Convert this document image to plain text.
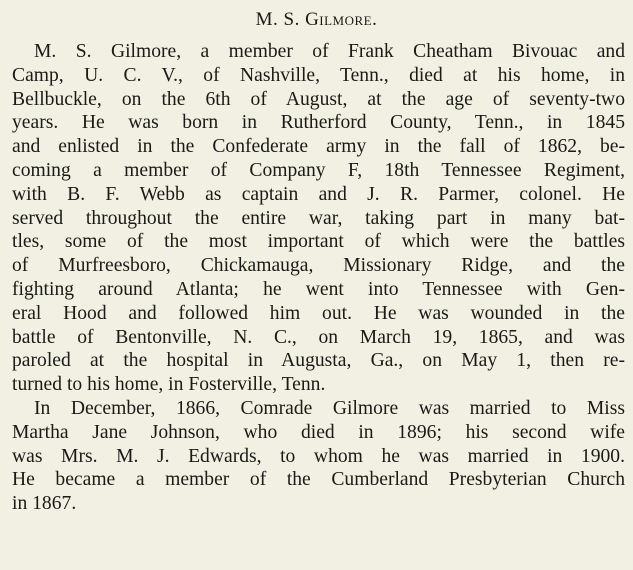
M. S. Gilmore.
M. S. Gilmore, a member of Frank Cheatham Bivouac and
Camp, U. C. V., of Nashville, Tenn., died at his home, in
Bellbuckle, on the 6th of August, at the age of seventy-two
years. He was born in Rutherford County, Tenn., in 1845
and enlisted in the Confederate army in the fall of 1862, be-
coming a member of Company F, 18th Tennessee Regiment,
with B. F. Webb as captain and J. R. Parmer, colonel. He
served throughout the entire war, taking part in many bat-
tles, some of the most important of which were the battles
of Murfreesboro, Chickamauga, Missionary Ridge, and the
fighting around Atlanta; he went into Tennessee with Gen-
eral Hood and followed him out. He was wounded in the
battle of Bentonville, N. C., on March 19, 1865, and was
paroled at the hospital in Augusta, Ga., on May 1, then re-
turned to his home, in Fosterville, Tenn.
In December, 1866, Comrade Gilmore was married to Miss
Martha Jane Johnson, who died in 1896; his second wife
was Mrs. M. J. Edwards, to whom he was married in 1900.
He became a member of the Cumberland Presbyterian Church
in 1867.
